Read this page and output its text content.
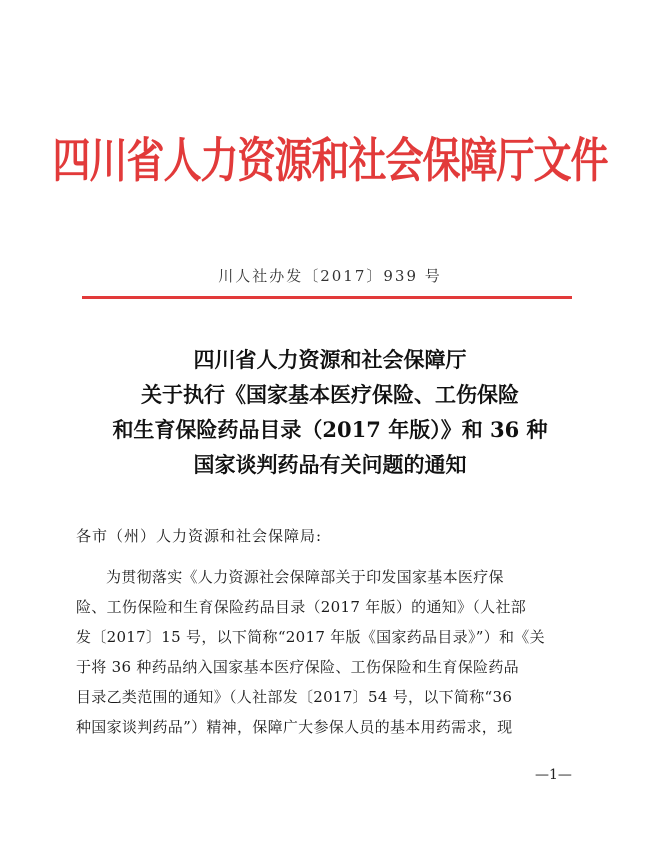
四川省人力资源和社会保障厅文件
川人社办发〔2017〕939 号
四川省人力资源和社会保障厅
关于执行《国家基本医疗保险、工伤保险
和生育保险药品目录（2017 年版）》和 36 种
国家谈判药品有关问题的通知
各市（州）人力资源和社会保障局:
为贯彻落实《人力资源社会保障部关于印发国家基本医疗保
险、工伤保险和生育保险药品目录（2017 年版）的通知》（人社部
发〔2017〕15 号，以下简称“2017 年版《国家药品目录》”）和《关
于将 36 种药品纳入国家基本医疗保险、工伤保险和生育保险药品
目录乙类范围的通知》（人社部发〔2017〕54 号，以下简称“36
种国家谈判药品”）精神，保障广大参保人员的基本用药需求，现
—1—
